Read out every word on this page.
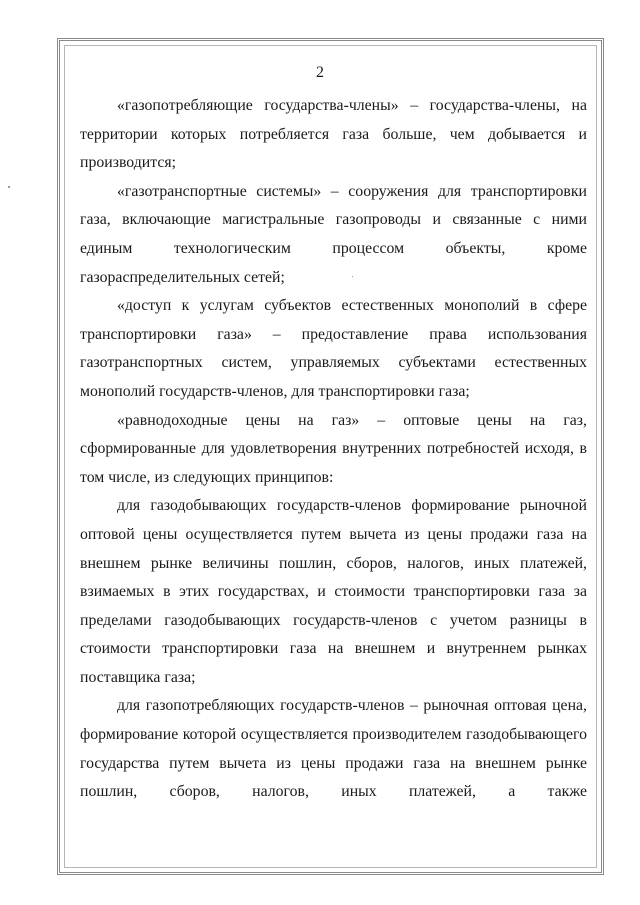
2

«газопотребляющие государства-члены» – государства-члены, на территории которых потребляется газа больше, чем добывается и производится;

«газотранспортные системы» – сооружения для транспортировки газа, включающие магистральные газопроводы и связанные с ними единым технологическим процессом объекты, кроме газораспределительных сетей;

«доступ к услугам субъектов естественных монополий в сфере транспортировки газа» – предоставление права использования газотранспортных систем, управляемых субъектами естественных монополий государств-членов, для транспортировки газа;

«равнодоходные цены на газ» – оптовые цены на газ, сформированные для удовлетворения внутренних потребностей исходя, в том числе, из следующих принципов:

для газодобывающих государств-членов формирование рыночной оптовой цены осуществляется путем вычета из цены продажи газа на внешнем рынке величины пошлин, сборов, налогов, иных платежей, взимаемых в этих государствах, и стоимости транспортировки газа за пределами газодобывающих государств-членов с учетом разницы в стоимости транспортировки газа на внешнем и внутреннем рынках поставщика газа;

для газопотребляющих государств-членов – рыночная оптовая цена, формирование которой осуществляется производителем газодобывающего государства путем вычета из цены продажи газа на внешнем рынке пошлин, сборов, налогов, иных платежей, а также
